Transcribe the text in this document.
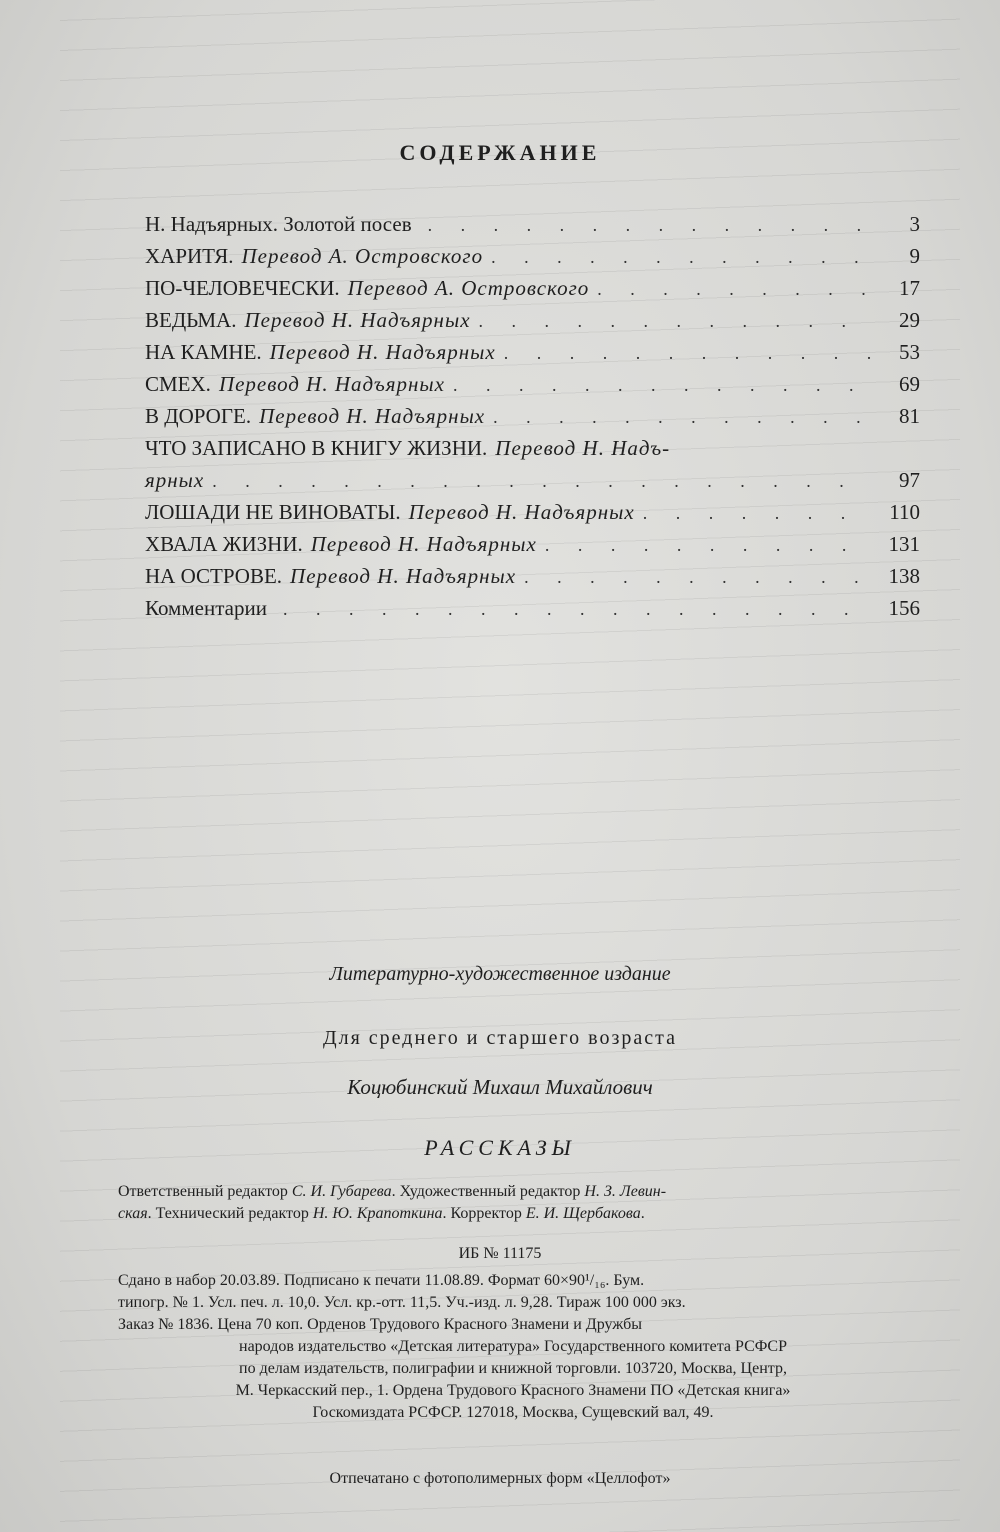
СОДЕРЖАНИЕ
Н. Надъярных. Золотой посев . . .	3
ХАРИТЯ. Перевод А. Островского . . .	9
ПО-ЧЕЛОВЕЧЕСКИ. Перевод А. Островского . . .	17
ВЕДЬМА. Перевод Н. Надъярных . . .	29
НА КАМНЕ. Перевод Н. Надъярных . . .	53
СМЕХ. Перевод Н. Надъярных . . .	69
В ДОРОГЕ. Перевод Н. Надъярных . . .	81
ЧТО ЗАПИСАНО В КНИГУ ЖИЗНИ. Перевод Н. Надъ-
ярных . . .	97
ЛОШАДИ НЕ ВИНОВАТЫ. Перевод Н. Надъярных . . .	110
ХВАЛА ЖИЗНИ. Перевод Н. Надъярных . . .	131
НА ОСТРОВЕ. Перевод Н. Надъярных . . .	138
Комментарии . . .	156
Литературно-художественное издание
Для среднего и старшего возраста
Коцюбинский Михаил Михайлович
РАССКАЗЫ
Ответственный редактор С. И. Губарева. Художественный редактор Н. З. Левин-
ская. Технический редактор Н. Ю. Крапоткина. Корректор Е. И. Щербакова.
ИБ № 11175
Сдано в набор 20.03.89. Подписано к печати 11.08.89. Формат 60×90¹/₁₆. Бум.
типогр. № 1. Усл. печ. л. 10,0. Усл. кр.-отт. 11,5. Уч.-изд. л. 9,28. Тираж 100 000 экз.
Заказ № 1836. Цена 70 коп. Орденов Трудового Красного Знамени и Дружбы
народов издательство «Детская литература» Государственного комитета РСФСР
по делам издательств, полиграфии и книжной торговли. 103720, Москва, Центр,
М. Черкасский пер., 1. Ордена Трудового Красного Знамени ПО «Детская книга»
Госкомиздата РСФСР. 127018, Москва, Сущевский вал, 49.
Отпечатано с фотополимерных форм «Целлофот»
